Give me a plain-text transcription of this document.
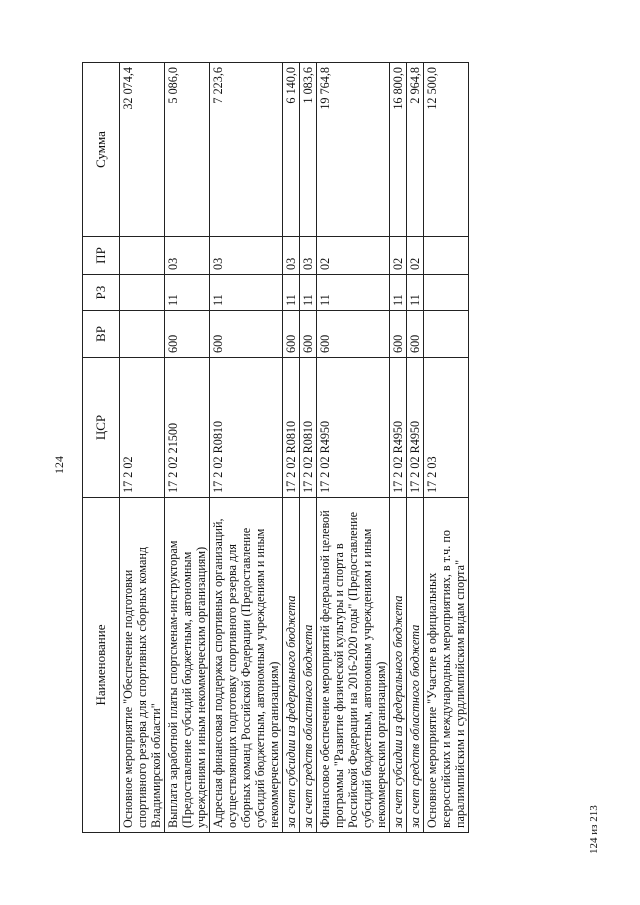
124
124 из 213
Наименование	ЦСР	ВР	РЗ	ПР	Сумма
Основное мероприятие "Обеспечение подготовки спортивного резерва для спортивных сборных команд Владимирской области"	17 2 02				32 074,4
Выплата заработной платы спортсменам-инструкторам (Предоставление субсидий бюджетным, автономным учреждениям и иным некоммерческим организациям)	17 2 02 21500	600	11	03	5 086,0
Адресная финансовая поддержка спортивных организаций, осуществляющих подготовку спортивного резерва для сборных команд Российской Федерации (Предоставление субсидий бюджетным, автономным учреждениям и иным некоммерческим организациям)	17 2 02 R0810	600	11	03	7 223,6
за счет субсидии из федерального бюджета	17 2 02 R0810	600	11	03	6 140,0
за счет средств областного бюджета	17 2 02 R0810	600	11	03	1 083,6
Финансовое обеспечение мероприятий федеральной целевой программы "Развитие физической культуры и спорта в Российской Федерации на 2016-2020 годы" (Предоставление субсидий бюджетным, автономным учреждениям и иным некоммерческим организациям)	17 2 02 R4950	600	11	02	19 764,8
за счет субсидии из федерального бюджета	17 2 02 R4950	600	11	02	16 800,0
за счет средств областного бюджета	17 2 02 R4950	600	11	02	2 964,8
Основное мероприятие "Участие в официальных всероссийских и международных мероприятиях, в т.ч. по паралимпийским и сурдлимпийским видам спорта"	17 2 03				12 500,0
